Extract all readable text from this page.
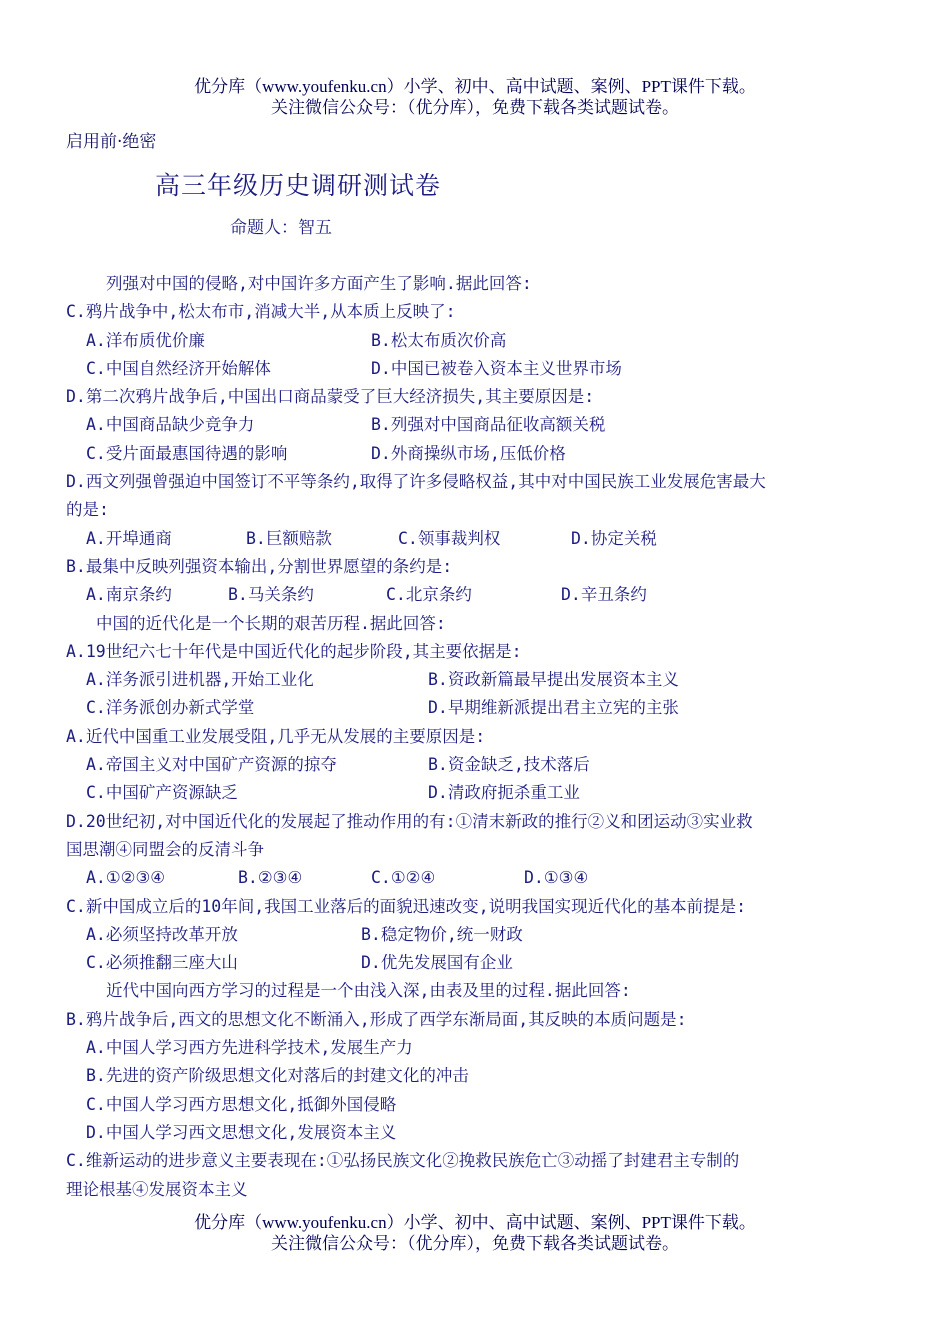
优分库（www.youfenku.cn）小学、初中、高中试题、案例、PPT课件下载。
关注微信公众号：（优分库），免费下载各类试题试卷。
启用前·绝密
高三年级历史调研测试卷
命题人：智五
列强对中国的侵略,对中国许多方面产生了影响.据此回答:
C.鸦片战争中,松太布市,消减大半,从本质上反映了:
A.洋布质优价廉	B.松太布质次价高
C.中国自然经济开始解体	D.中国已被卷入资本主义世界市场
D.第二次鸦片战争后,中国出口商品蒙受了巨大经济损失,其主要原因是:
A.中国商品缺少竞争力	B.列强对中国商品征收高额关税
C.受片面最惠国待遇的影响	D.外商操纵市场,压低价格
D.西文列强曾强迫中国签订不平等条约,取得了许多侵略权益,其中对中国民族工业发展危害最大
的是:
A.开埠通商	B.巨额赔款	C.领事裁判权	D.协定关税
B.最集中反映列强资本输出,分割世界愿望的条约是:
A.南京条约	B.马关条约	C.北京条约	D.辛丑条约
中国的近代化是一个长期的艰苦历程.据此回答:
A.19世纪六七十年代是中国近代化的起步阶段,其主要依据是:
A.洋务派引进机器,开始工业化	B.资政新篇最早提出发展资本主义
C.洋务派创办新式学堂	D.早期维新派提出君主立宪的主张
A.近代中国重工业发展受阻,几乎无从发展的主要原因是:
A.帝国主义对中国矿产资源的掠夺	B.资金缺乏,技术落后
C.中国矿产资源缺乏	D.清政府扼杀重工业
D.20世纪初,对中国近代化的发展起了推动作用的有:①清末新政的推行②义和团运动③实业救
国思潮④同盟会的反清斗争
A.①②③④	B.②③④	C.①②④	D.①③④
C.新中国成立后的10年间,我国工业落后的面貌迅速改变,说明我国实现近代化的基本前提是:
A.必须坚持改革开放	B.稳定物价,统一财政
C.必须推翻三座大山	D.优先发展国有企业
近代中国向西方学习的过程是一个由浅入深,由表及里的过程.据此回答:
B.鸦片战争后,西文的思想文化不断涌入,形成了西学东渐局面,其反映的本质问题是:
A.中国人学习西方先进科学技术,发展生产力
B.先进的资产阶级思想文化对落后的封建文化的冲击
C.中国人学习西方思想文化,抵御外国侵略
D.中国人学习西文思想文化,发展资本主义
C.维新运动的进步意义主要表现在:①弘扬民族文化②挽救民族危亡③动摇了封建君主专制的
理论根基④发展资本主义
优分库（www.youfenku.cn）小学、初中、高中试题、案例、PPT课件下载。
关注微信公众号：（优分库），免费下载各类试题试卷。
